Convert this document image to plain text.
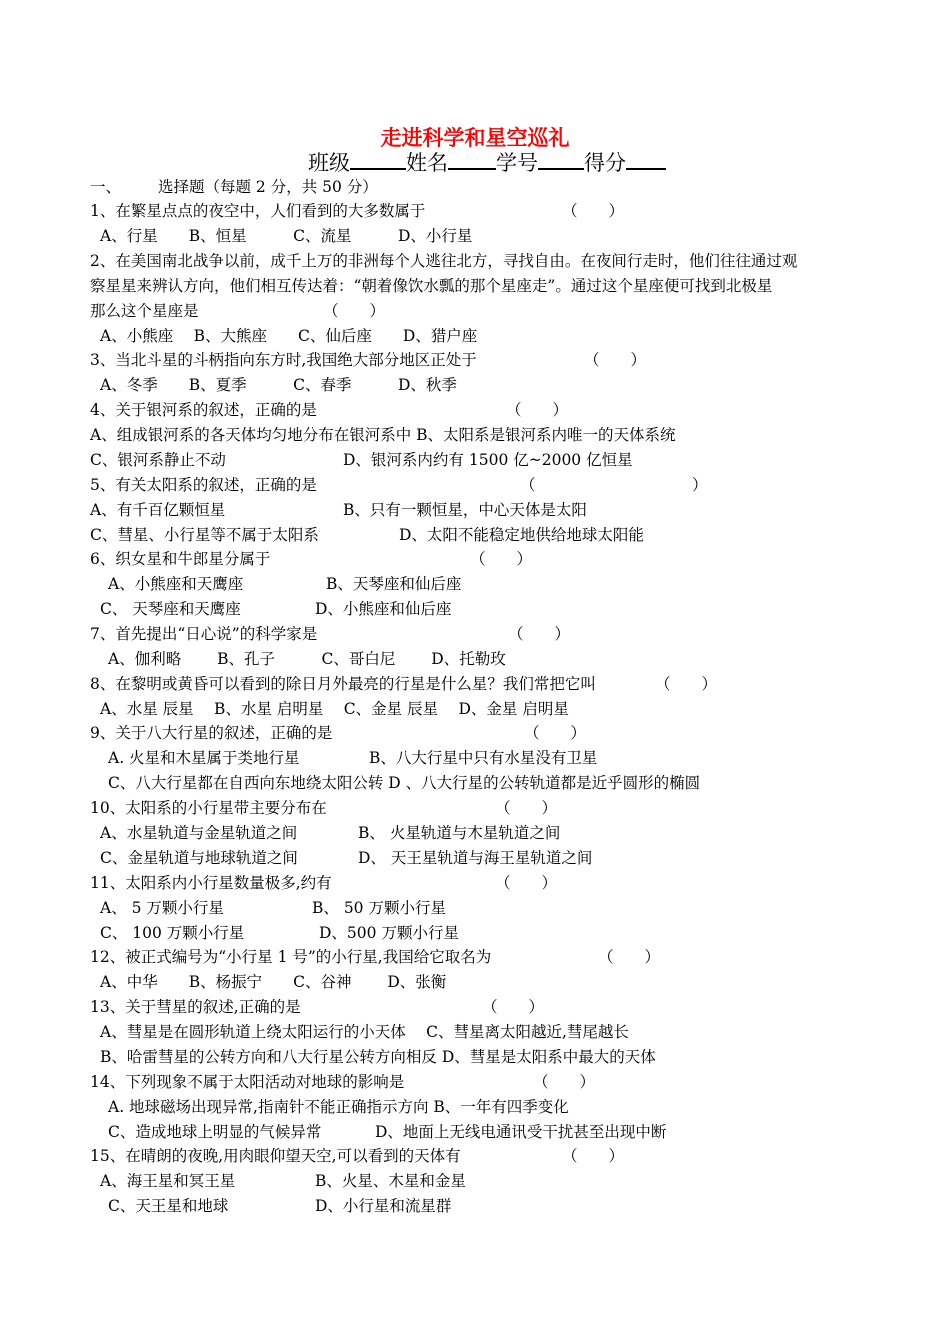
走进科学和星空巡礼
班级	姓名 学号 得分
一、 选择题（每题 2 分，共 50 分）
1、在繁星点点的夜空中，人们看到的大多数属于	（　　）
A、行星　　B、恒星　　　C、流星　　　D、小行星
2、在美国南北战争以前，成千上万的非洲每个人逃往北方，寻找自由。在夜间行走时，他们往往通过观
察星星来辨认方向，他们相互传达着：“朝着像饮水瓢的那个星座走”。通过这个星座便可找到北极星
那么这个星座是	（　　）
A、小熊座　 B、大熊座　　C、仙后座　　D、猎户座
3、当北斗星的斗柄指向东方时,我国绝大部分地区正处于	（　　）
A、冬季　　B、夏季　　　C、春季　　　D、秋季
4、关于银河系的叙述，正确的是	（　　）
A、组成银河系的各天体均匀地分布在银河系中 B、太阳系是银河系内唯一的天体系统
C、银河系静止不动	D、银河系内约有 1500 亿~2000 亿恒星
5、有关太阳系的叙述，正确的是	（	）
A、有千百亿颗恒星	B、只有一颗恒星，中心天体是太阳
C、彗星、小行星等不属于太阳系	D、太阳不能稳定地供给地球太阳能
6、织女星和牛郎星分属于	（　　）
A、小熊座和天鹰座	B、天琴座和仙后座
C、 天琴座和天鹰座	D、小熊座和仙后座
7、首先提出“日心说”的科学家是	（　　）
A、伽利略　　 B、孔子　　　C、哥白尼　　 D、托勒玫
8、在黎明或黄昏可以看到的除日月外最亮的行星是什么星？我们常把它叫	（　　）
A、水星 辰星　 B、水星 启明星　 C、金星 辰星　 D、金星 启明星
9、关于八大行星的叙述，正确的是	（　　）
A. 火星和木星属于类地行星	B、八大行星中只有水星没有卫星
C、八大行星都在自西向东地绕太阳公转 D 、八大行星的公转轨道都是近乎圆形的椭圆
10、太阳系的小行星带主要分布在	（　　）
A、水星轨道与金星轨道之间	B、 火星轨道与木星轨道之间
C、金星轨道与地球轨道之间	D、 天王星轨道与海王星轨道之间
11、太阳系内小行星数量极多,约有	（　　）
A、 5 万颗小行星	B、 50 万颗小行星
C、 100 万颗小行星	D、500 万颗小行星
12、被正式编号为“小行星 1 号”的小行星,我国给它取名为	（　　）
A、中华　　B、杨振宁　　C、谷神　　 D、张衡
13、关于彗星的叙述,正确的是	（　　）
A、彗星是在圆形轨道上绕太阳运行的小天体　 C、彗星离太阳越近,彗尾越长
B、哈雷彗星的公转方向和八大行星公转方向相反 D、彗星是太阳系中最大的天体
14、下列现象不属于太阳活动对地球的影响是	（　　）
A. 地球磁场出现异常,指南针不能正确指示方向 B、一年有四季变化
C、造成地球上明显的气候异常	D、地面上无线电通讯受干扰甚至出现中断
15、在晴朗的夜晚,用肉眼仰望天空,可以看到的天体有	（　　）
A、海王星和冥王星	B、火星、木星和金星
C、天王星和地球	D、小行星和流星群
